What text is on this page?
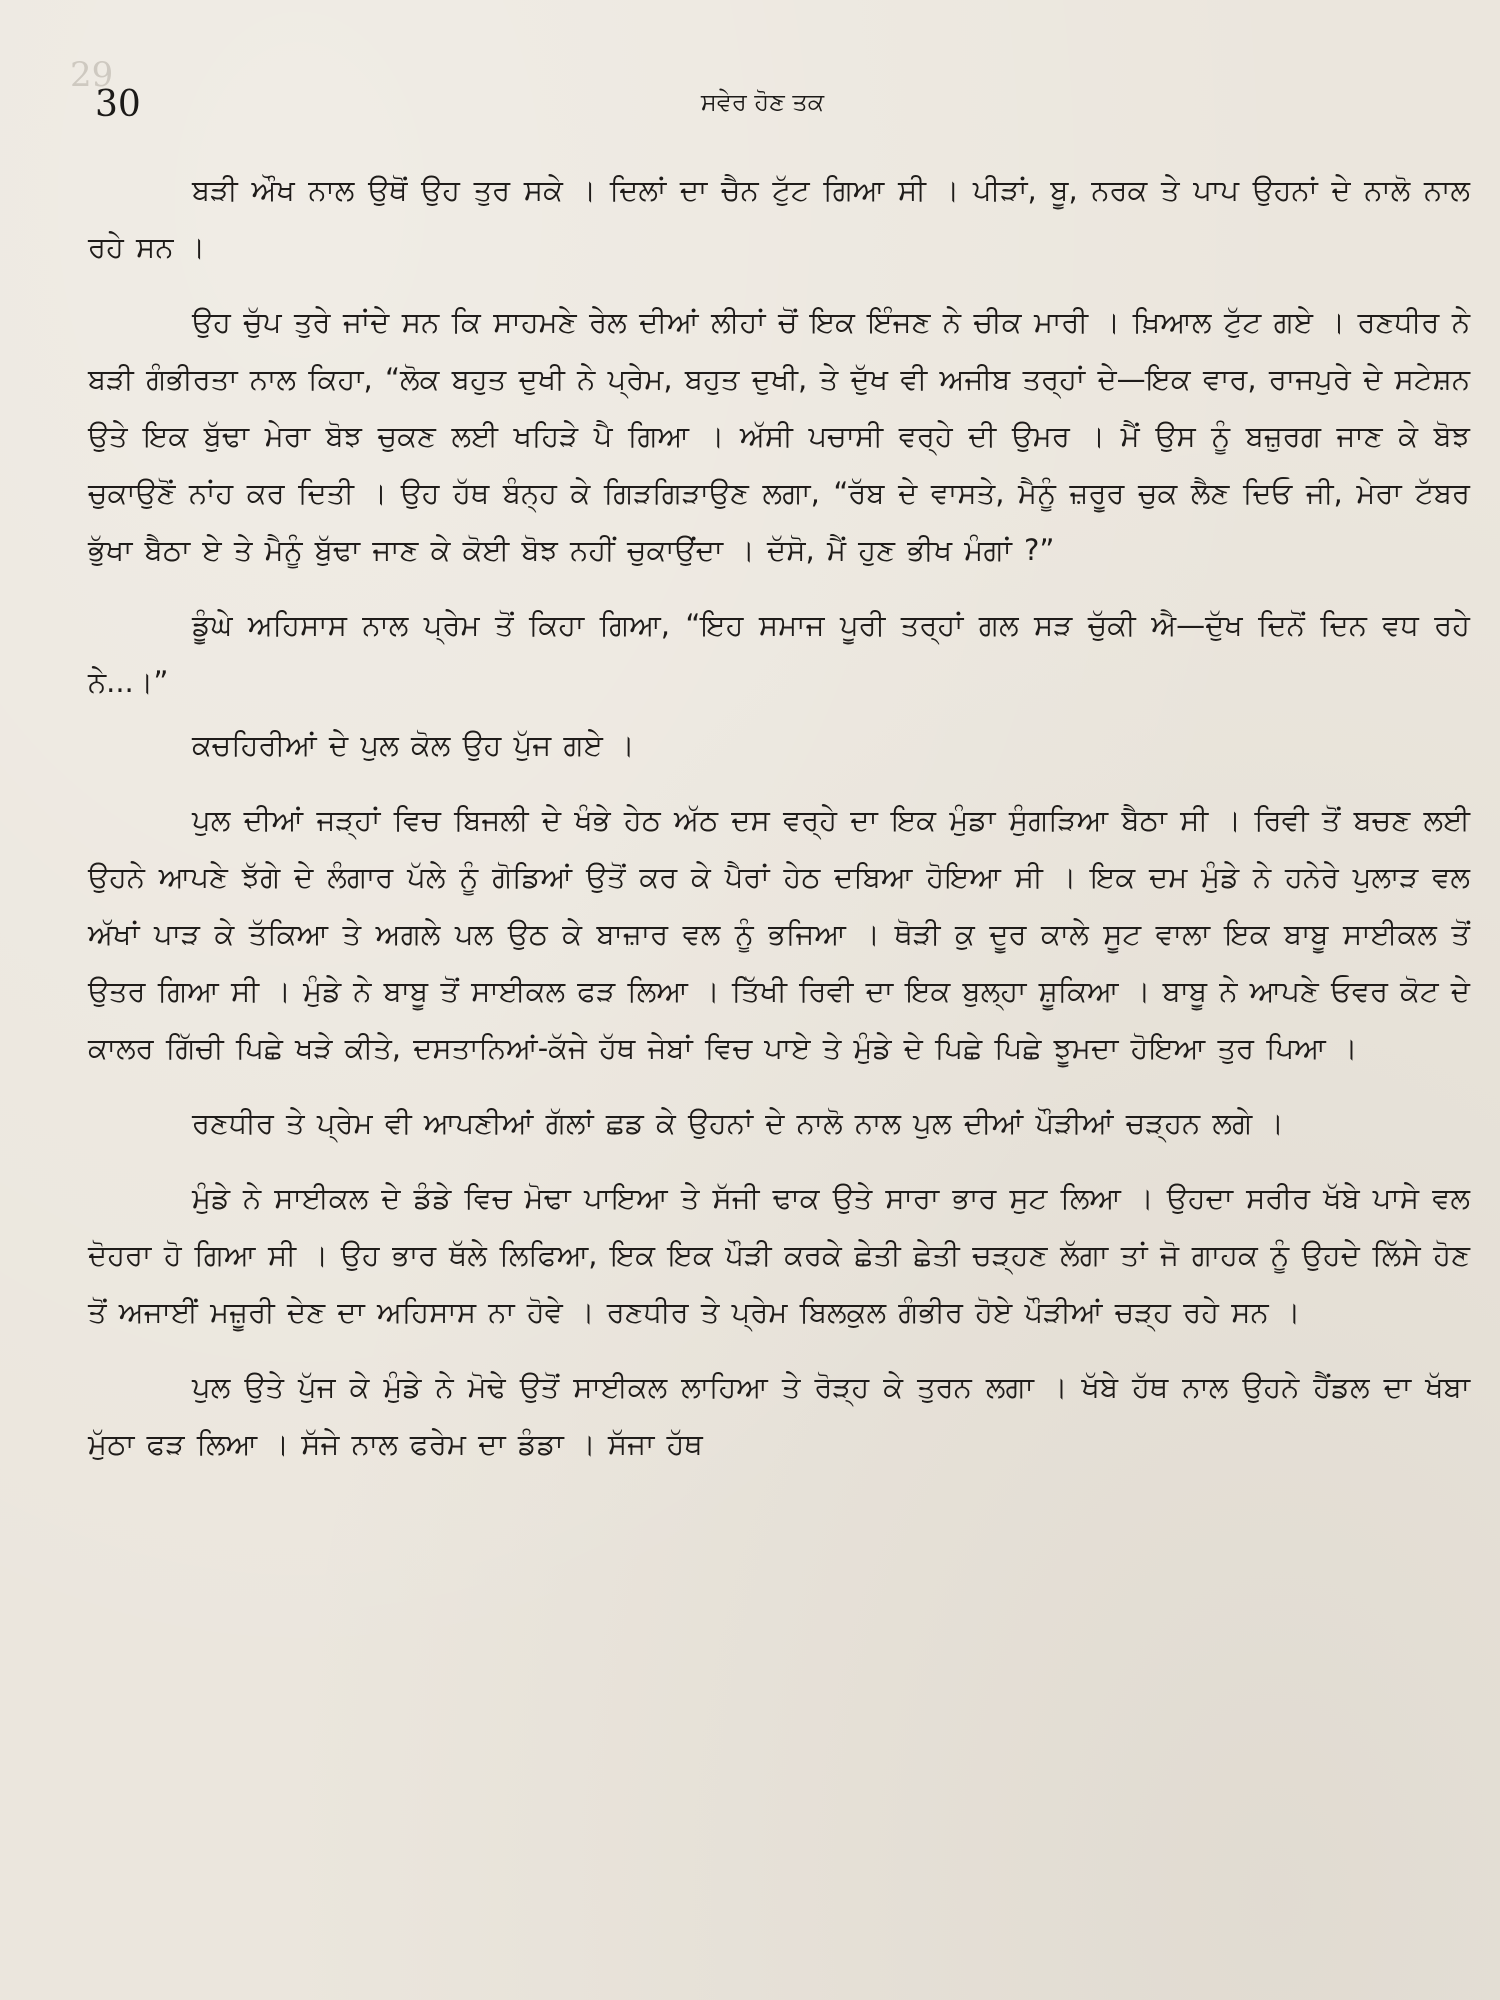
29
30	ਸਵੇਰ ਹੋਣ ਤਕ

ਬੜੀ ਔਖ ਨਾਲ ਉਥੋਂ ਉਹ ਤੁਰ ਸਕੇ । ਦਿਲਾਂ ਦਾ ਚੈਨ ਟੁੱਟ ਗਿਆ ਸੀ । ਪੀੜਾਂ, ਬੂ, ਨਰਕ ਤੇ ਪਾਪ ਉਹਨਾਂ ਦੇ ਨਾਲੋ ਨਾਲ ਰਹੇ ਸਨ ।

ਉਹ ਚੁੱਪ ਤੁਰੇ ਜਾਂਦੇ ਸਨ ਕਿ ਸਾਹਮਣੇ ਰੇਲ ਦੀਆਂ ਲੀਹਾਂ ਚੋਂ ਇਕ ਇੰਜਣ ਨੇ ਚੀਕ ਮਾਰੀ । ਖ਼ਿਆਲ ਟੁੱਟ ਗਏ । ਰਣਧੀਰ ਨੇ ਬੜੀ ਗੰਭੀਰਤਾ ਨਾਲ ਕਿਹਾ, “ਲੋਕ ਬਹੁਤ ਦੁਖੀ ਨੇ ਪ੍ਰੇਮ, ਬਹੁਤ ਦੁਖੀ, ਤੇ ਦੁੱਖ ਵੀ ਅਜੀਬ ਤਰ੍ਹਾਂ ਦੇ—ਇਕ ਵਾਰ, ਰਾਜਪੁਰੇ ਦੇ ਸਟੇਸ਼ਨ ਉਤੇ ਇਕ ਬੁੱਢਾ ਮੇਰਾ ਬੋਝ ਚੁਕਣ ਲਈ ਖਹਿੜੇ ਪੈ ਗਿਆ । ਅੱਸੀ ਪਚਾਸੀ ਵਰ੍ਹੇ ਦੀ ਉਮਰ । ਮੈਂ ਉਸ ਨੂੰ ਬਜ਼ੁਰਗ ਜਾਣ ਕੇ ਬੋਝ ਚੁਕਾਉਣੋਂ ਨਾਂਹ ਕਰ ਦਿਤੀ । ਉਹ ਹੱਥ ਬੰਨ੍ਹ ਕੇ ਗਿੜਗਿੜਾਉਣ ਲਗਾ, “ਰੱਬ ਦੇ ਵਾਸਤੇ, ਮੈਨੂੰ ਜ਼ਰੂਰ ਚੁਕ ਲੈਣ ਦਿਓ ਜੀ, ਮੇਰਾ ਟੱਬਰ ਭੁੱਖਾ ਬੈਠਾ ਏ ਤੇ ਮੈਨੂੰ ਬੁੱਢਾ ਜਾਣ ਕੇ ਕੋਈ ਬੋਝ ਨਹੀਂ ਚੁਕਾਉਂਦਾ । ਦੱਸੋ, ਮੈਂ ਹੁਣ ਭੀਖ ਮੰਗਾਂ ?”

ਡੂੰਘੇ ਅਹਿਸਾਸ ਨਾਲ ਪ੍ਰੇਮ ਤੋਂ ਕਿਹਾ ਗਿਆ, “ਇਹ ਸਮਾਜ ਪੂਰੀ ਤਰ੍ਹਾਂ ਗਲ ਸੜ ਚੁੱਕੀ ਐ—ਦੁੱਖ ਦਿਨੋਂ ਦਿਨ ਵਧ ਰਹੇ ਨੇ...।”

ਕਚਹਿਰੀਆਂ ਦੇ ਪੁਲ ਕੋਲ ਉਹ ਪੁੱਜ ਗਏ ।

ਪੁਲ ਦੀਆਂ ਜੜ੍ਹਾਂ ਵਿਚ ਬਿਜਲੀ ਦੇ ਖੰਭੇ ਹੇਠ ਅੱਠ ਦਸ ਵਰ੍ਹੇ ਦਾ ਇਕ ਮੁੰਡਾ ਸੁੰਗੜਿਆ ਬੈਠਾ ਸੀ । ਰਿਵੀ ਤੋਂ ਬਚਣ ਲਈ ਉਹਨੇ ਆਪਣੇ ਝੱਗੇ ਦੇ ਲੰਗਾਰ ਪੱਲੇ ਨੂੰ ਗੋਡਿਆਂ ਉਤੋਂ ਕਰ ਕੇ ਪੈਰਾਂ ਹੇਠ ਦਬਿਆ ਹੋਇਆ ਸੀ । ਇਕ ਦਮ ਮੁੰਡੇ ਨੇ ਹਨੇਰੇ ਪੁਲਾੜ ਵਲ ਅੱਖਾਂ ਪਾੜ ਕੇ ਤੱਕਿਆ ਤੇ ਅਗਲੇ ਪਲ ਉਠ ਕੇ ਬਾਜ਼ਾਰ ਵਲ ਨੂੰ ਭਜਿਆ । ਥੋੜੀ ਕੁ ਦੂਰ ਕਾਲੇ ਸੂਟ ਵਾਲਾ ਇਕ ਬਾਬੂ ਸਾਈਕਲ ਤੋਂ ਉਤਰ ਗਿਆ ਸੀ । ਮੁੰਡੇ ਨੇ ਬਾਬੂ ਤੋਂ ਸਾਈਕਲ ਫੜ ਲਿਆ । ਤਿੱਖੀ ਰਿਵੀ ਦਾ ਇਕ ਬੁਲ੍ਹਾ ਸ਼ੂਕਿਆ । ਬਾਬੂ ਨੇ ਆਪਣੇ ਓਵਰ ਕੋਟ ਦੇ ਕਾਲਰ ਗਿੱਚੀ ਪਿਛੇ ਖੜੇ ਕੀਤੇ, ਦਸਤਾਨਿਆਂ-ਕੱਜੇ ਹੱਥ ਜੇਬਾਂ ਵਿਚ ਪਾਏ ਤੇ ਮੁੰਡੇ ਦੇ ਪਿਛੇ ਪਿਛੇ ਝੂਮਦਾ ਹੋਇਆ ਤੁਰ ਪਿਆ ।

ਰਣਧੀਰ ਤੇ ਪ੍ਰੇਮ ਵੀ ਆਪਣੀਆਂ ਗੱਲਾਂ ਛਡ ਕੇ ਉਹਨਾਂ ਦੇ ਨਾਲੋ ਨਾਲ ਪੁਲ ਦੀਆਂ ਪੌੜੀਆਂ ਚੜ੍ਹਨ ਲਗੇ ।

ਮੁੰਡੇ ਨੇ ਸਾਈਕਲ ਦੇ ਡੰਡੇ ਵਿਚ ਮੋਢਾ ਪਾਇਆ ਤੇ ਸੱਜੀ ਢਾਕ ਉਤੇ ਸਾਰਾ ਭਾਰ ਸੁਟ ਲਿਆ । ਉਹਦਾ ਸਰੀਰ ਖੱਬੇ ਪਾਸੇ ਵਲ ਦੋਹਰਾ ਹੋ ਗਿਆ ਸੀ । ਉਹ ਭਾਰ ਥੱਲੇ ਲਿਫਿਆ, ਇਕ ਇਕ ਪੌੜੀ ਕਰਕੇ ਛੇਤੀ ਛੇਤੀ ਚੜ੍ਹਣ ਲੱਗਾ ਤਾਂ ਜੋ ਗਾਹਕ ਨੂੰ ਉਹਦੇ ਲਿੱਸੇ ਹੋਣ ਤੋਂ ਅਜਾਈਂ ਮਜ਼ੂਰੀ ਦੇਣ ਦਾ ਅਹਿਸਾਸ ਨਾ ਹੋਵੇ । ਰਣਧੀਰ ਤੇ ਪ੍ਰੇਮ ਬਿਲਕੁਲ ਗੰਭੀਰ ਹੋਏ ਪੌੜੀਆਂ ਚੜ੍ਹ ਰਹੇ ਸਨ ।

ਪੁਲ ਉਤੇ ਪੁੱਜ ਕੇ ਮੁੰਡੇ ਨੇ ਮੋਢੇ ਉਤੋਂ ਸਾਈਕਲ ਲਾਹਿਆ ਤੇ ਰੋੜ੍ਹ ਕੇ ਤੁਰਨ ਲਗਾ । ਖੱਬੇ ਹੱਥ ਨਾਲ ਉਹਨੇ ਹੈਂਡਲ ਦਾ ਖੱਬਾ ਮੁੱਠਾ ਫੜ ਲਿਆ । ਸੱਜੇ ਨਾਲ ਫਰੇਮ ਦਾ ਡੰਡਾ । ਸੱਜਾ ਹੱਥ
